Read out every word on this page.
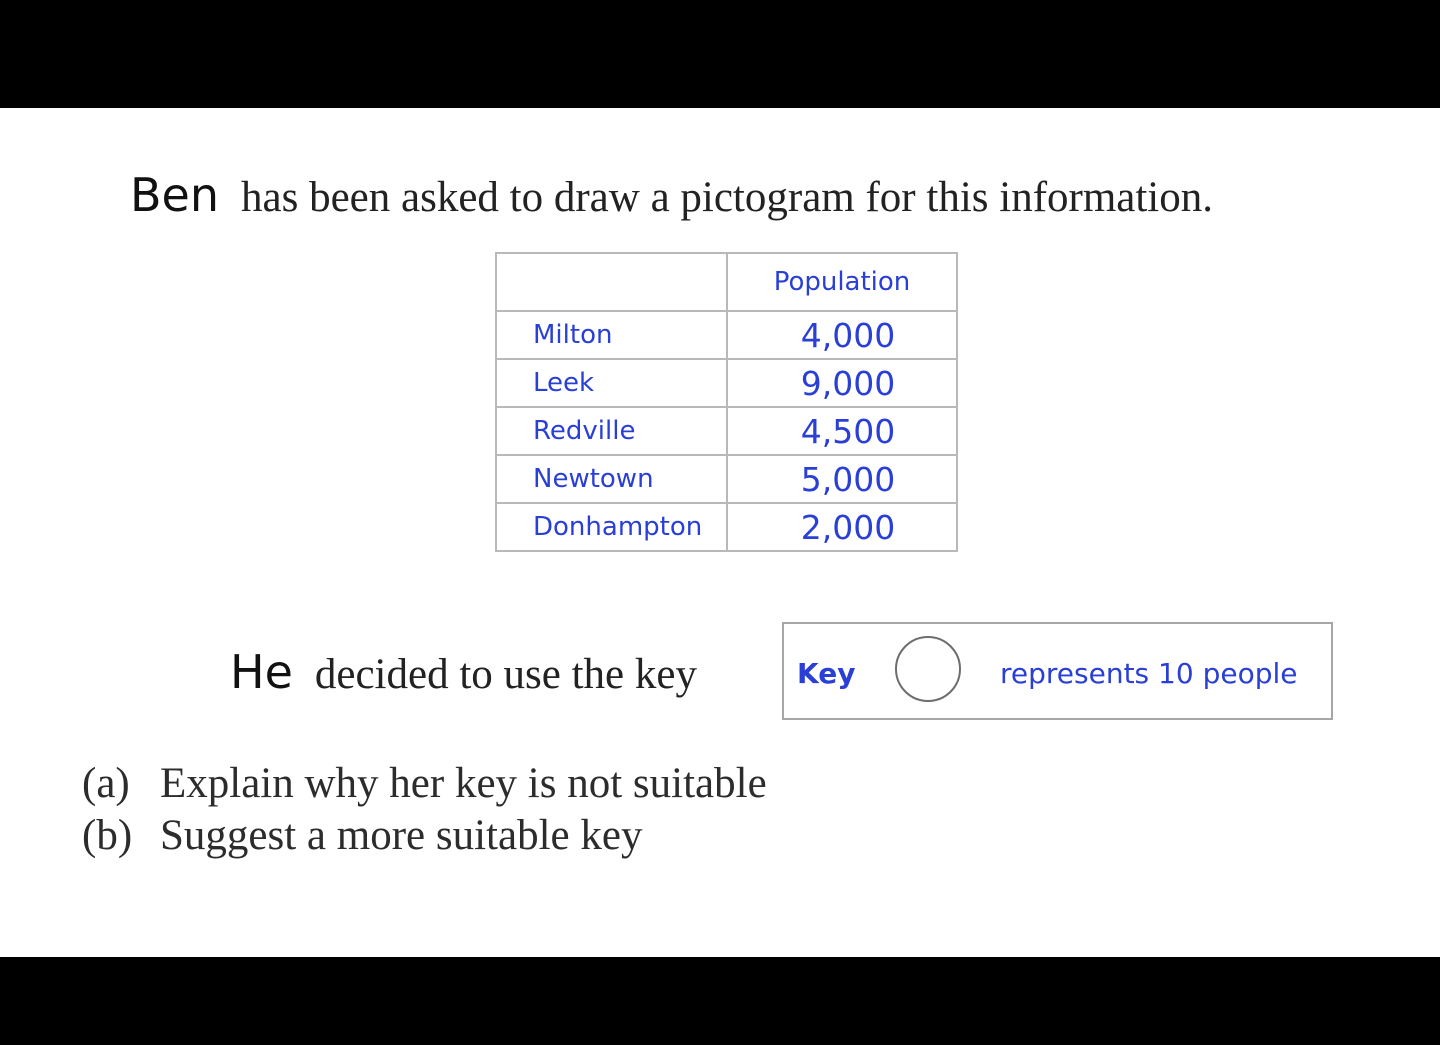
Ben has been asked to draw a pictogram for this information.
	Population
Milton	4,000
Leek	9,000
Redville	4,500
Newtown	5,000
Donhampton	2,000
He decided to use the key	Key	represents 10 people
(a) Explain why her key is not suitable
(b) Suggest a more suitable key
